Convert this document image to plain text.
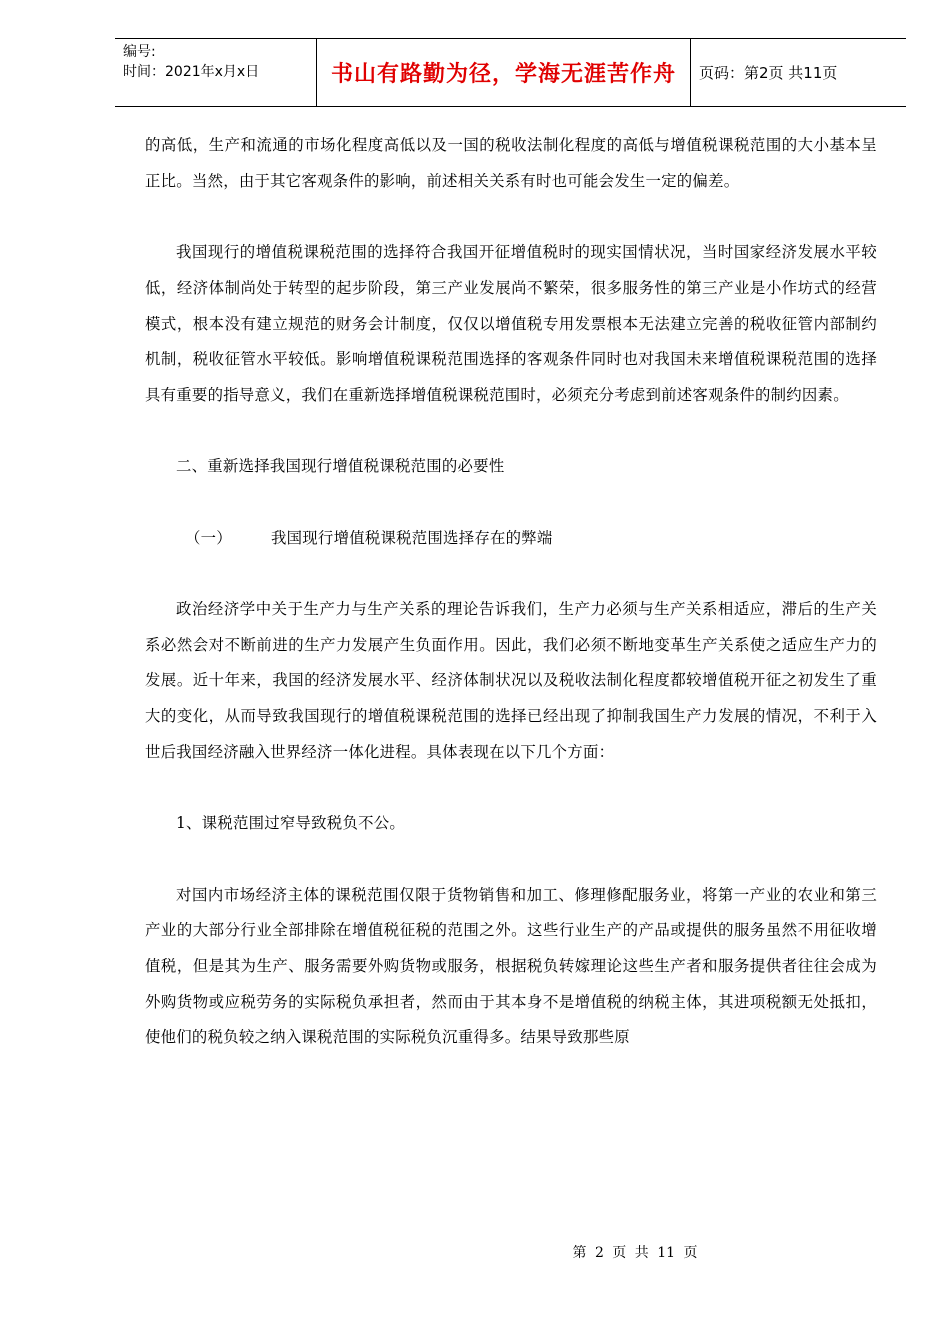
编号:
时间：2021年x月x日	书山有路勤为径，学海无涯苦作舟	页码：第2页 共11页

的高低，生产和流通的市场化程度高低以及一国的税收法制化程度的高低与增值税课税范围的大小基本呈正比。当然，由于其它客观条件的影响，前述相关关系有时也可能会发生一定的偏差。

我国现行的增值税课税范围的选择符合我国开征增值税时的现实国情状况，当时国家经济发展水平较低，经济体制尚处于转型的起步阶段，第三产业发展尚不繁荣，很多服务性的第三产业是小作坊式的经营模式，根本没有建立规范的财务会计制度，仅仅以增值税专用发票根本无法建立完善的税收征管内部制约机制，税收征管水平较低。影响增值税课税范围选择的客观条件同时也对我国未来增值税课税范围的选择具有重要的指导意义，我们在重新选择增值税课税范围时，必须充分考虑到前述客观条件的制约因素。

二、重新选择我国现行增值税课税范围的必要性

（一）	我国现行增值税课税范围选择存在的弊端

政治经济学中关于生产力与生产关系的理论告诉我们，生产力必须与生产关系相适应，滞后的生产关系必然会对不断前进的生产力发展产生负面作用。因此，我们必须不断地变革生产关系使之适应生产力的发展。近十年来，我国的经济发展水平、经济体制状况以及税收法制化程度都较增值税开征之初发生了重大的变化，从而导致我国现行的增值税课税范围的选择已经出现了抑制我国生产力发展的情况，不利于入世后我国经济融入世界经济一体化进程。具体表现在以下几个方面：

1、课税范围过窄导致税负不公。

对国内市场经济主体的课税范围仅限于货物销售和加工、修理修配服务业，将第一产业的农业和第三产业的大部分行业全部排除在增值税征税的范围之外。这些行业生产的产品或提供的服务虽然不用征收增值税，但是其为生产、服务需要外购货物或服务，根据税负转嫁理论这些生产者和服务提供者往往会成为外购货物或应税劳务的实际税负承担者，然而由于其本身不是增值税的纳税主体，其进项税额无处抵扣，使他们的税负较之纳入课税范围的实际税负沉重得多。结果导致那些原

第 2 页 共 11 页
